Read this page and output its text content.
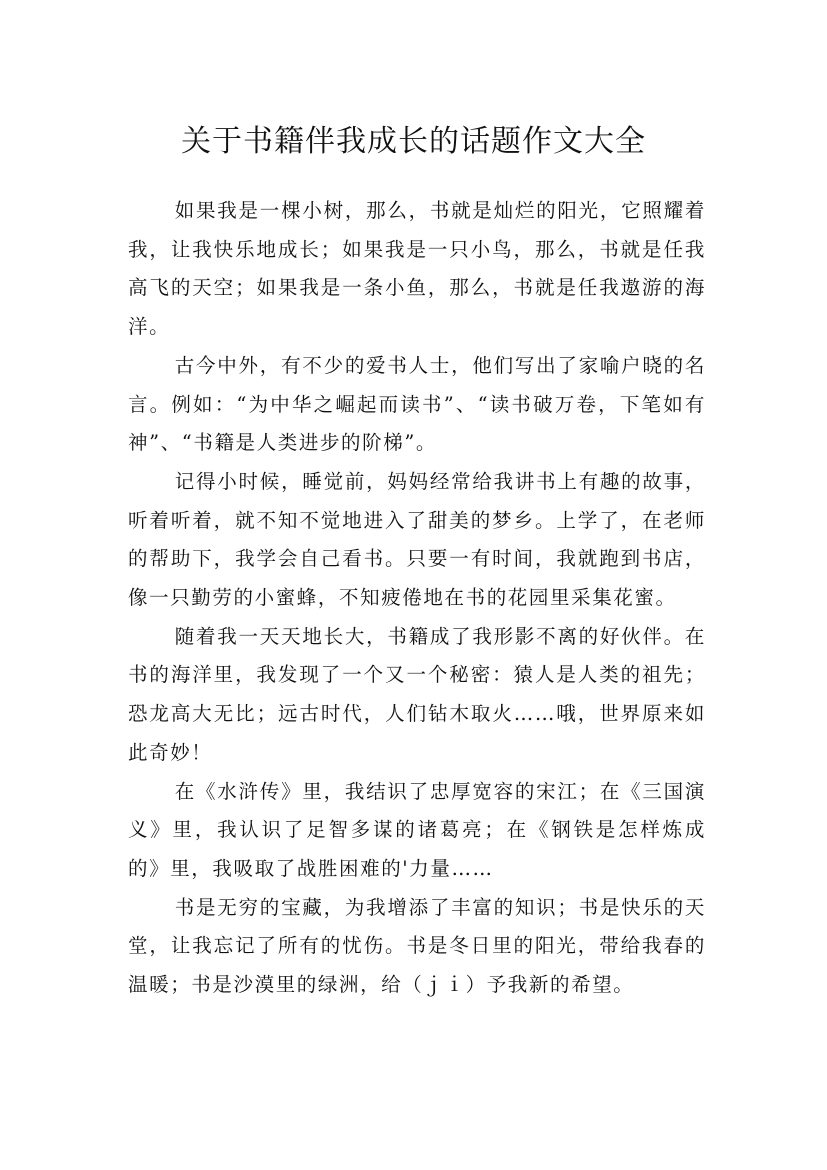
关于书籍伴我成长的话题作文大全

如果我是一棵小树，那么，书就是灿烂的阳光，它照耀着我，让我快乐地成长；如果我是一只小鸟，那么，书就是任我高飞的天空；如果我是一条小鱼，那么，书就是任我遨游的海洋。

古今中外，有不少的爱书人士，他们写出了家喻户晓的名言。例如：“为中华之崛起而读书”、“读书破万卷，下笔如有神”、“书籍是人类进步的阶梯”。

记得小时候，睡觉前，妈妈经常给我讲书上有趣的故事，听着听着，就不知不觉地进入了甜美的梦乡。上学了，在老师的帮助下，我学会自己看书。只要一有时间，我就跑到书店，像一只勤劳的小蜜蜂，不知疲倦地在书的花园里采集花蜜。

随着我一天天地长大，书籍成了我形影不离的好伙伴。在书的海洋里，我发现了一个又一个秘密：猿人是人类的祖先；恐龙高大无比；远古时代，人们钻木取火……哦，世界原来如此奇妙！

在《水浒传》里，我结识了忠厚宽容的宋江；在《三国演义》里，我认识了足智多谋的诸葛亮；在《钢铁是怎样炼成的》里，我吸取了战胜困难的'力量……

书是无穷的宝藏，为我增添了丰富的知识；书是快乐的天堂，让我忘记了所有的忧伤。书是冬日里的阳光，带给我春的温暖；书是沙漠里的绿洲，给（ｊｉ）予我新的希望。
